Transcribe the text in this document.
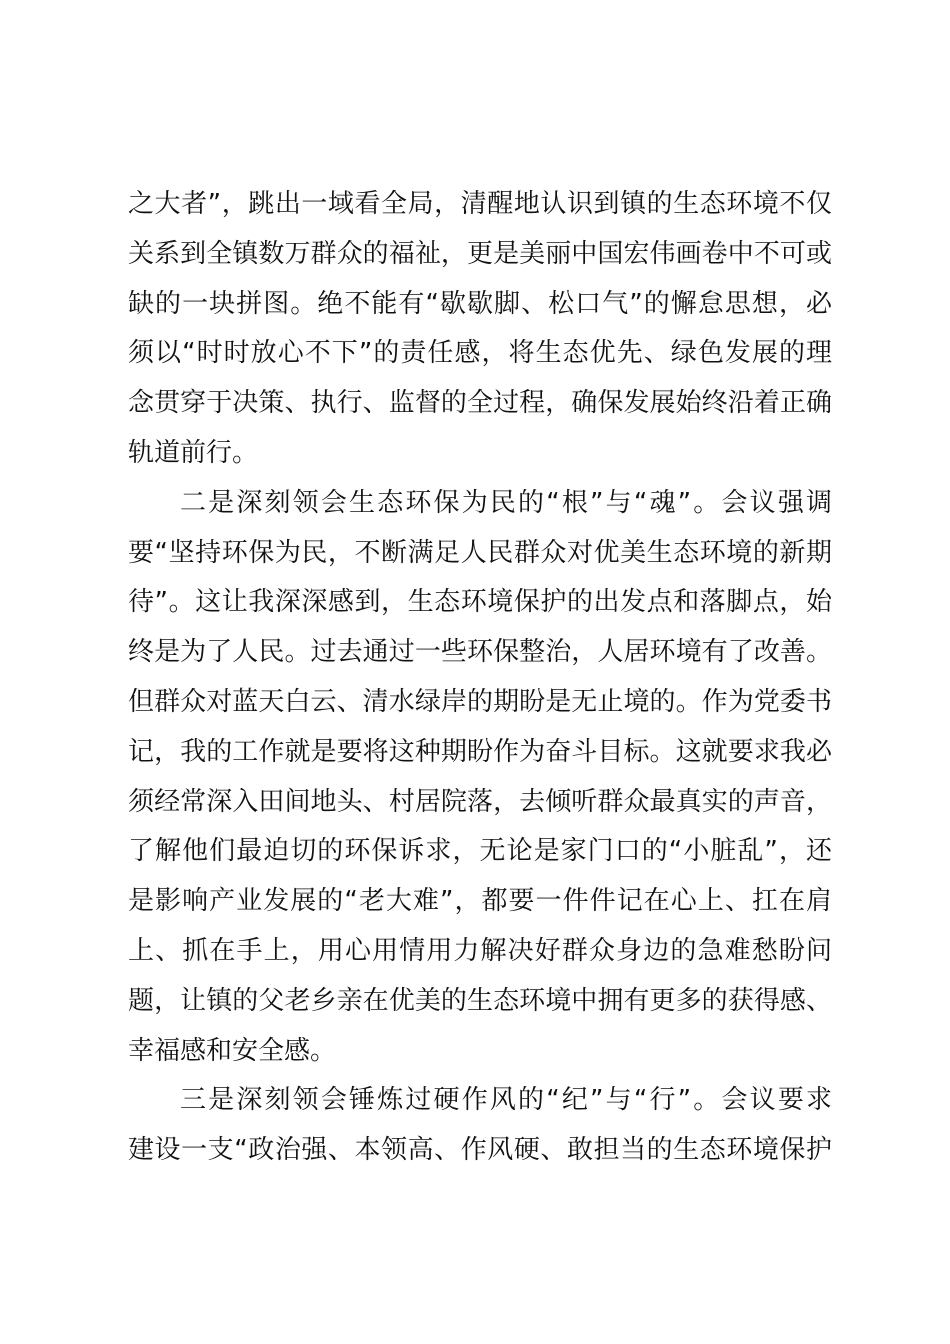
之大者”，跳出一域看全局，清醒地认识到镇的生态环境不仅
关系到全镇数万群众的福祉，更是美丽中国宏伟画卷中不可或
缺的一块拼图。绝不能有“歇歇脚、松口气”的懈怠思想，必
须以“时时放心不下”的责任感，将生态优先、绿色发展的理
念贯穿于决策、执行、监督的全过程，确保发展始终沿着正确
轨道前行。
二是深刻领会生态环保为民的“根”与“魂”。会议强调
要“坚持环保为民，不断满足人民群众对优美生态环境的新期
待”。这让我深深感到，生态环境保护的出发点和落脚点，始
终是为了人民。过去通过一些环保整治，人居环境有了改善。
但群众对蓝天白云、清水绿岸的期盼是无止境的。作为党委书
记，我的工作就是要将这种期盼作为奋斗目标。这就要求我必
须经常深入田间地头、村居院落，去倾听群众最真实的声音，
了解他们最迫切的环保诉求，无论是家门口的“小脏乱”，还
是影响产业发展的“老大难”，都要一件件记在心上、扛在肩
上、抓在手上，用心用情用力解决好群众身边的急难愁盼问
题，让镇的父老乡亲在优美的生态环境中拥有更多的获得感、
幸福感和安全感。
三是深刻领会锤炼过硬作风的“纪”与“行”。会议要求
建设一支“政治强、本领高、作风硬、敢担当的生态环境保护
